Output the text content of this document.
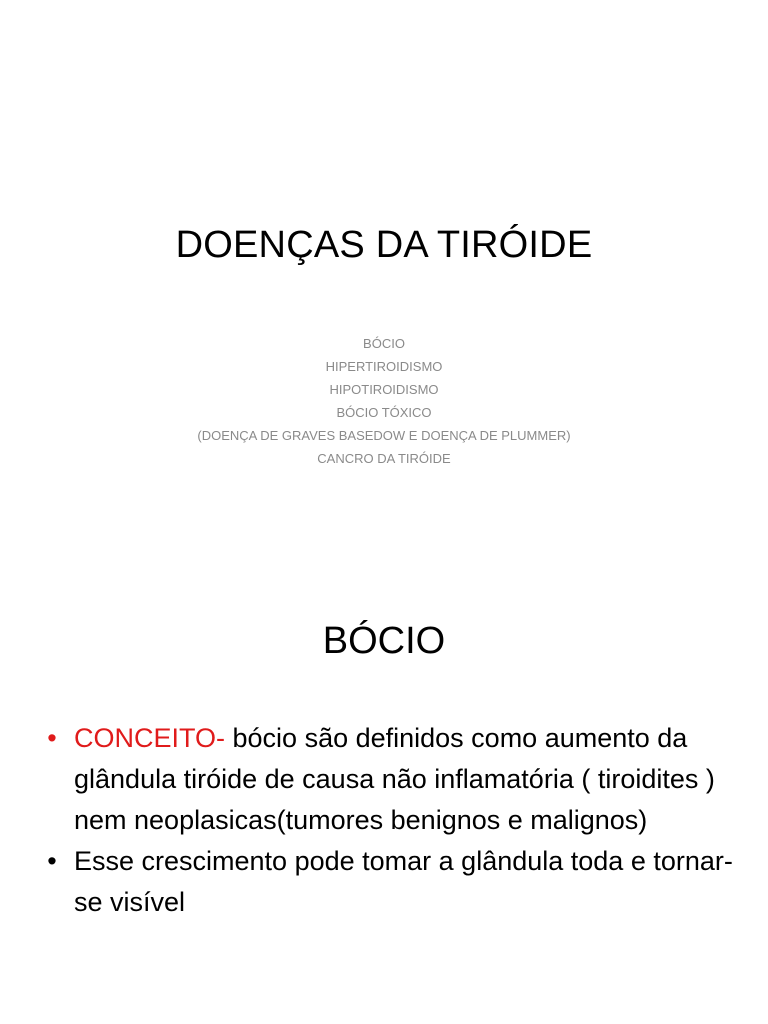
DOENÇAS DA TIRÓIDE
BÓCIO
HIPERTIROIDISMO
HIPOTIROIDISMO
BÓCIO TÓXICO
(DOENÇA DE GRAVES BASEDOW E DOENÇA DE PLUMMER)
CANCRO DA TIRÓIDE
BÓCIO
• CONCEITO- bócio são definidos como aumento da glândula tiróide de causa não inflamatória ( tiroidites ) nem neoplasicas(tumores benignos e malignos)
• Esse crescimento pode tomar a glândula toda e tornar-se visível
